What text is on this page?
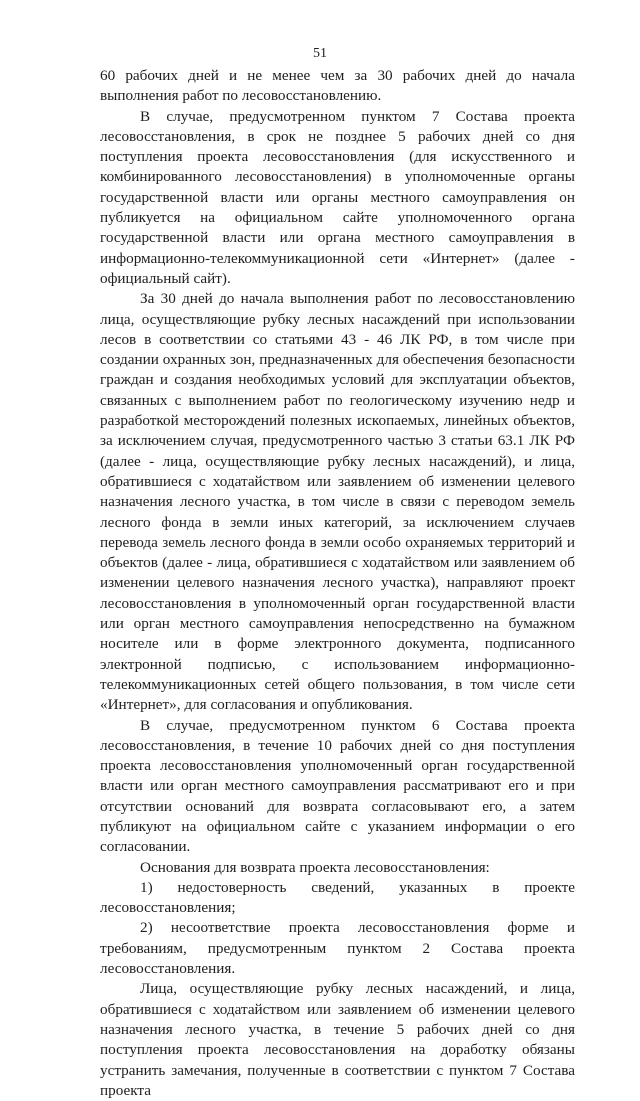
51

60 рабочих дней и не менее чем за 30 рабочих дней до начала выполнения работ по лесовосстановлению.

В случае, предусмотренном пунктом 7 Состава проекта лесовосстановления, в срок не позднее 5 рабочих дней со дня поступления проекта лесовосстановления (для искусственного и комбинированного лесовосстановления) в уполномоченные органы государственной власти или органы местного самоуправления он публикуется на официальном сайте уполномоченного органа государственной власти или органа местного самоуправления в информационно-телекоммуникационной сети «Интернет» (далее - официальный сайт).

За 30 дней до начала выполнения работ по лесовосстановлению лица, осуществляющие рубку лесных насаждений при использовании лесов в соответствии со статьями 43 - 46 ЛК РФ, в том числе при создании охранных зон, предназначенных для обеспечения безопасности граждан и создания необходимых условий для эксплуатации объектов, связанных с выполнением работ по геологическому изучению недр и разработкой месторождений полезных ископаемых, линейных объектов, за исключением случая, предусмотренного частью 3 статьи 63.1 ЛК РФ (далее - лица, осуществляющие рубку лесных насаждений), и лица, обратившиеся с ходатайством или заявлением об изменении целевого назначения лесного участка, в том числе в связи с переводом земель лесного фонда в земли иных категорий, за исключением случаев перевода земель лесного фонда в земли особо охраняемых территорий и объектов (далее - лица, обратившиеся с ходатайством или заявлением об изменении целевого назначения лесного участка), направляют проект лесовосстановления в уполномоченный орган государственной власти или орган местного самоуправления непосредственно на бумажном носителе или в форме электронного документа, подписанного электронной подписью, с использованием информационно-телекоммуникационных сетей общего пользования, в том числе сети «Интернет», для согласования и опубликования.

В случае, предусмотренном пунктом 6 Состава проекта лесовосстановления, в течение 10 рабочих дней со дня поступления проекта лесовосстановления уполномоченный орган государственной власти или орган местного самоуправления рассматривают его и при отсутствии оснований для возврата согласовывают его, а затем публикуют на официальном сайте с указанием информации о его согласовании.

Основания для возврата проекта лесовосстановления:

1) недостоверность сведений, указанных в проекте лесовосстановления;

2) несоответствие проекта лесовосстановления форме и требованиям, предусмотренным пунктом 2 Состава проекта лесовосстановления.

Лица, осуществляющие рубку лесных насаждений, и лица, обратившиеся с ходатайством или заявлением об изменении целевого назначения лесного участка, в течение 5 рабочих дней со дня поступления проекта лесовосстановления на доработку обязаны устранить замечания, полученные в соответствии с пунктом 7 Состава проекта
